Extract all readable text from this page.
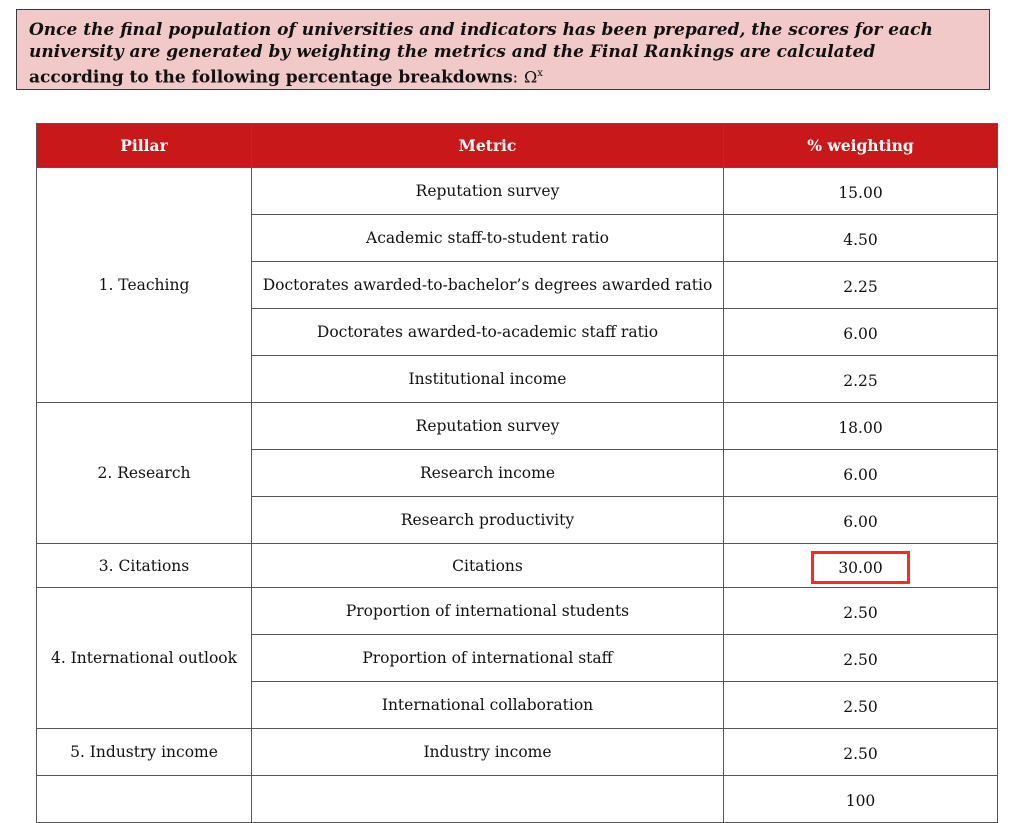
Once the final population of universities and indicators has been prepared, the scores for each university are generated by weighting the metrics and the Final Rankings are calculated
according to the following percentage breakdowns: $\Omega^x$
Pillar	Metric	% weighting
1. Teaching	Reputation survey	15.00
	Academic staff-to-student ratio	4.50
	Doctorates awarded-to-bachelor’s degrees awarded ratio	2.25
	Doctorates awarded-to-academic staff ratio	6.00
	Institutional income	2.25
2. Research	Reputation survey	18.00
	Research income	6.00
	Research productivity	6.00
3. Citations	Citations	30.00
4. International outlook	Proportion of international students	2.50
	Proportion of international staff	2.50
	International collaboration	2.50
5. Industry income	Industry income	2.50
		100
